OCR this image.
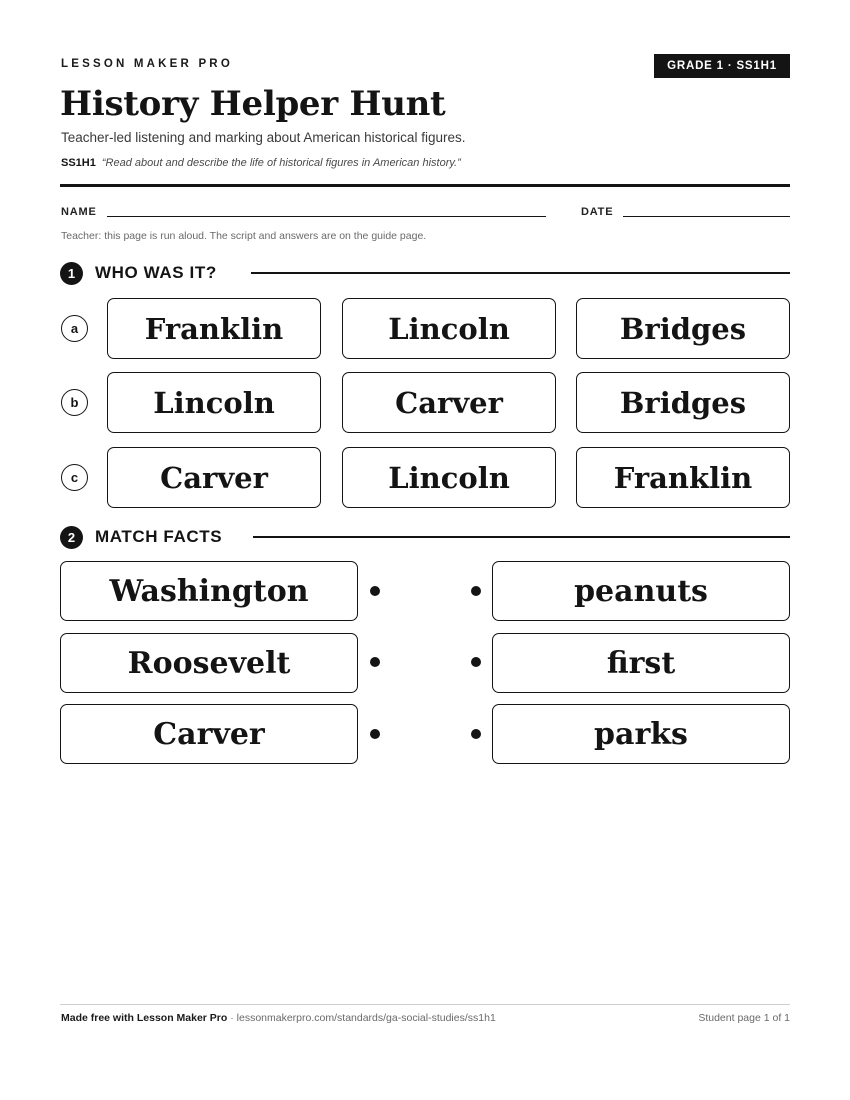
LESSON MAKER PRO	GRADE 1 · SS1H1
History Helper Hunt
Teacher-led listening and marking about American historical figures.
SS1H1 “Read about and describe the life of historical figures in American history.”
NAME	DATE
Teacher: this page is run aloud. The script and answers are on the guide page.
1	WHO WAS IT?
a	Franklin	Lincoln	Bridges
b	Lincoln	Carver	Bridges
c	Carver	Lincoln	Franklin
2	MATCH FACTS
Washington	peanuts
Roosevelt	first
Carver	parks
Made free with Lesson Maker Pro · lessonmakerpro.com/standards/ga-social-studies/ss1h1	Student page 1 of 1
